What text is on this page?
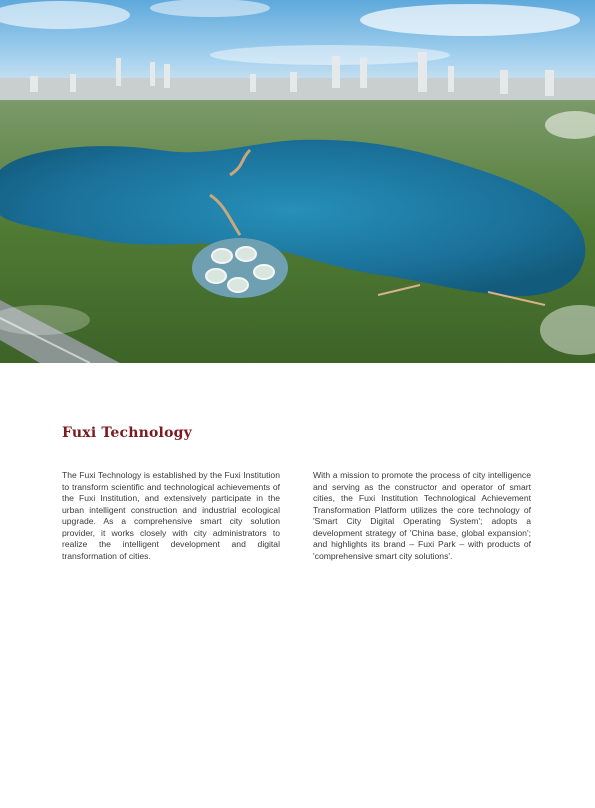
Fuxi Technology

The Fuxi Technology is established by the Fuxi Institution to transform scientific and technological achievements of the Fuxi Institution, and extensively participate in the urban intelligent construction and industrial ecological upgrade. As a comprehensive smart city solution provider, it works closely with city administrators to realize the intelligent development and digital transformation of cities.

With a mission to promote the process of city intelligence and serving as the constructor and operator of smart cities, the Fuxi Institution Technological Achievement Transformation Platform utilizes the core technology of 'Smart City Digital Operating System'; adopts a development strategy of 'China base, global expansion'; and highlights its brand – Fuxi Park – with products of 'comprehensive smart city solutions'.
